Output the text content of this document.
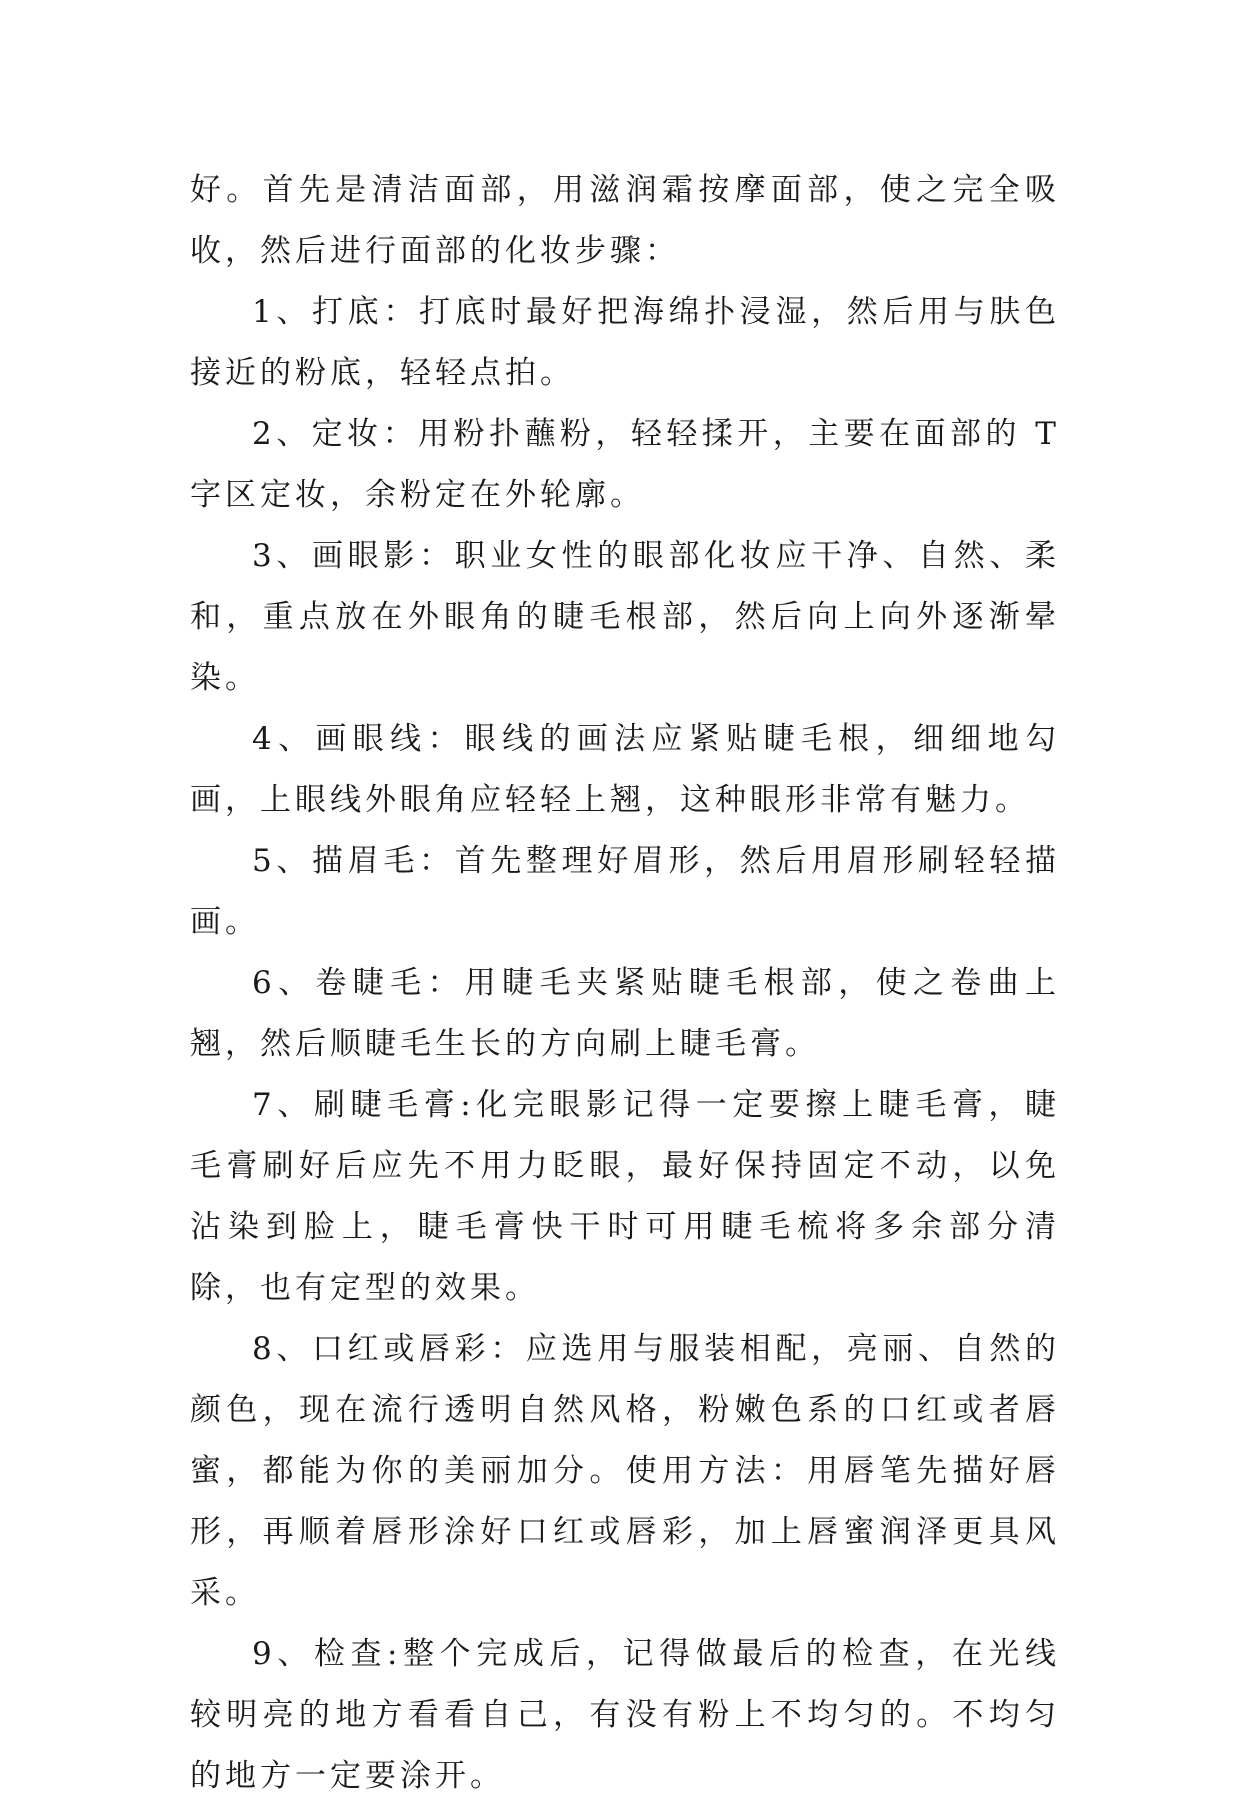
好。首先是清洁面部，用滋润霜按摩面部，使之完全吸收，然后进行面部的化妆步骤：

1、打底：打底时最好把海绵扑浸湿，然后用与肤色接近的粉底，轻轻点拍。

2、定妆：用粉扑蘸粉，轻轻揉开，主要在面部的 T 字区定妆，余粉定在外轮廓。

3、画眼影：职业女性的眼部化妆应干净、自然、柔和，重点放在外眼角的睫毛根部，然后向上向外逐渐晕染。

4、画眼线：眼线的画法应紧贴睫毛根，细细地勾画，上眼线外眼角应轻轻上翘，这种眼形非常有魅力。

5、描眉毛：首先整理好眉形，然后用眉形刷轻轻描画。

6、卷睫毛：用睫毛夹紧贴睫毛根部，使之卷曲上翘，然后顺睫毛生长的方向刷上睫毛膏。

7、刷睫毛膏:化完眼影记得一定要擦上睫毛膏，睫毛膏刷好后应先不用力眨眼，最好保持固定不动，以免沾染到脸上，睫毛膏快干时可用睫毛梳将多余部分清除，也有定型的效果。

8、口红或唇彩：应选用与服装相配，亮丽、自然的颜色，现在流行透明自然风格，粉嫩色系的口红或者唇蜜，都能为你的美丽加分。使用方法：用唇笔先描好唇形，再顺着唇形涂好口红或唇彩，加上唇蜜润泽更具风采。

9、检查:整个完成后，记得做最后的检查，在光线较明亮的地方看看自己，有没有粉上不均匀的。不均匀的地方一定要涂开。
